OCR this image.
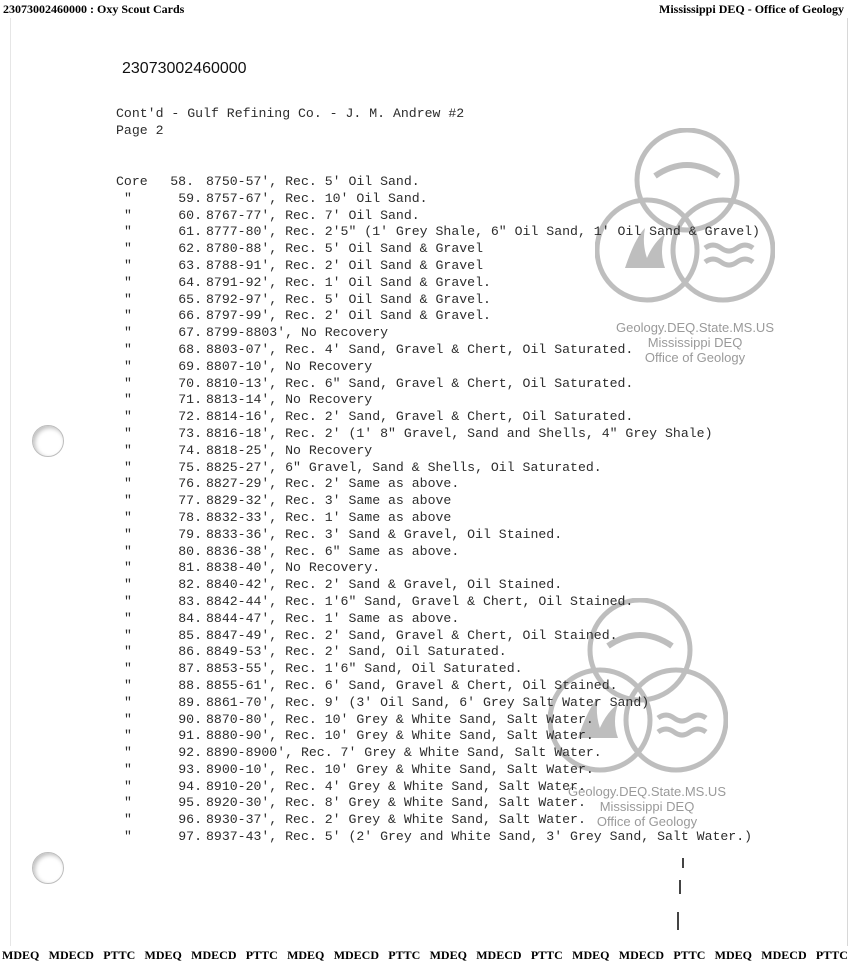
23073002460000 : Oxy Scout Cards	Mississippi DEQ - Office of Geology
Geology.DEQ.State.MS.US
Mississippi DEQ
Office of Geology
Geology.DEQ.State.MS.US
Mississippi DEQ
Office of Geology
23073002460000
Cont'd - Gulf Refining Co. - J. M. Andrew #2
Page 2
Core 58. 8750-57', Rec. 5' Oil Sand.
"	59. 8757-67', Rec. 10' Oil Sand.
"	60. 8767-77', Rec. 7' Oil Sand.
"	61. 8777-80', Rec. 2'5" (1' Grey Shale, 6" Oil Sand, 1' Oil Sand & Gravel)
"	62. 8780-88', Rec. 5' Oil Sand & Gravel
"	63. 8788-91', Rec. 2' Oil Sand & Gravel
"	64. 8791-92', Rec. 1' Oil Sand & Gravel.
"	65. 8792-97', Rec. 5' Oil Sand & Gravel.
"	66. 8797-99', Rec. 2' Oil Sand & Gravel.
"	67. 8799-8803', No Recovery
"	68. 8803-07', Rec. 4' Sand, Gravel & Chert, Oil Saturated.
"	69. 8807-10', No Recovery
"	70. 8810-13', Rec. 6" Sand, Gravel & Chert, Oil Saturated.
"	71. 8813-14', No Recovery
"	72. 8814-16', Rec. 2' Sand, Gravel & Chert, Oil Saturated.
"	73. 8816-18', Rec. 2' (1' 8" Gravel, Sand and Shells, 4" Grey Shale)
"	74. 8818-25', No Recovery
"	75. 8825-27', 6" Gravel, Sand & Shells, Oil Saturated.
"	76. 8827-29', Rec. 2' Same as above.
"	77. 8829-32', Rec. 3' Same as above
"	78. 8832-33', Rec. 1' Same as above
"	79. 8833-36', Rec. 3' Sand & Gravel, Oil Stained.
"	80. 8836-38', Rec. 6" Same as above.
"	81. 8838-40', No Recovery.
"	82. 8840-42', Rec. 2' Sand & Gravel, Oil Stained.
"	83. 8842-44', Rec. 1'6" Sand, Gravel & Chert, Oil Stained.
"	84. 8844-47', Rec. 1' Same as above.
"	85. 8847-49', Rec. 2' Sand, Gravel & Chert, Oil Stained.
"	86. 8849-53', Rec. 2' Sand, Oil Saturated.
"	87. 8853-55', Rec. 1'6" Sand, Oil Saturated.
"	88. 8855-61', Rec. 6' Sand, Gravel & Chert, Oil Stained.
"	89. 8861-70', Rec. 9' (3' Oil Sand, 6' Grey Salt Water Sand)
"	90. 8870-80', Rec. 10' Grey & White Sand, Salt Water.
"	91. 8880-90', Rec. 10' Grey & White Sand, Salt Water.
"	92. 8890-8900', Rec. 7' Grey & White Sand, Salt Water.
"	93. 8900-10', Rec. 10' Grey & White Sand, Salt Water.
"	94. 8910-20', Rec. 4' Grey & White Sand, Salt Water.
"	95. 8920-30', Rec. 8' Grey & White Sand, Salt Water.
"	96. 8930-37', Rec. 2' Grey & White Sand, Salt Water.
"	97. 8937-43', Rec. 5' (2' Grey and White Sand, 3' Grey Sand, Salt Water.)
MDEQ MDECD PTTC MDEQ MDECD PTTC MDEQ MDECD PTTC MDEQ MDECD PTTC MDEQ MDECD PTTC MDEQ MDECD PTTC
